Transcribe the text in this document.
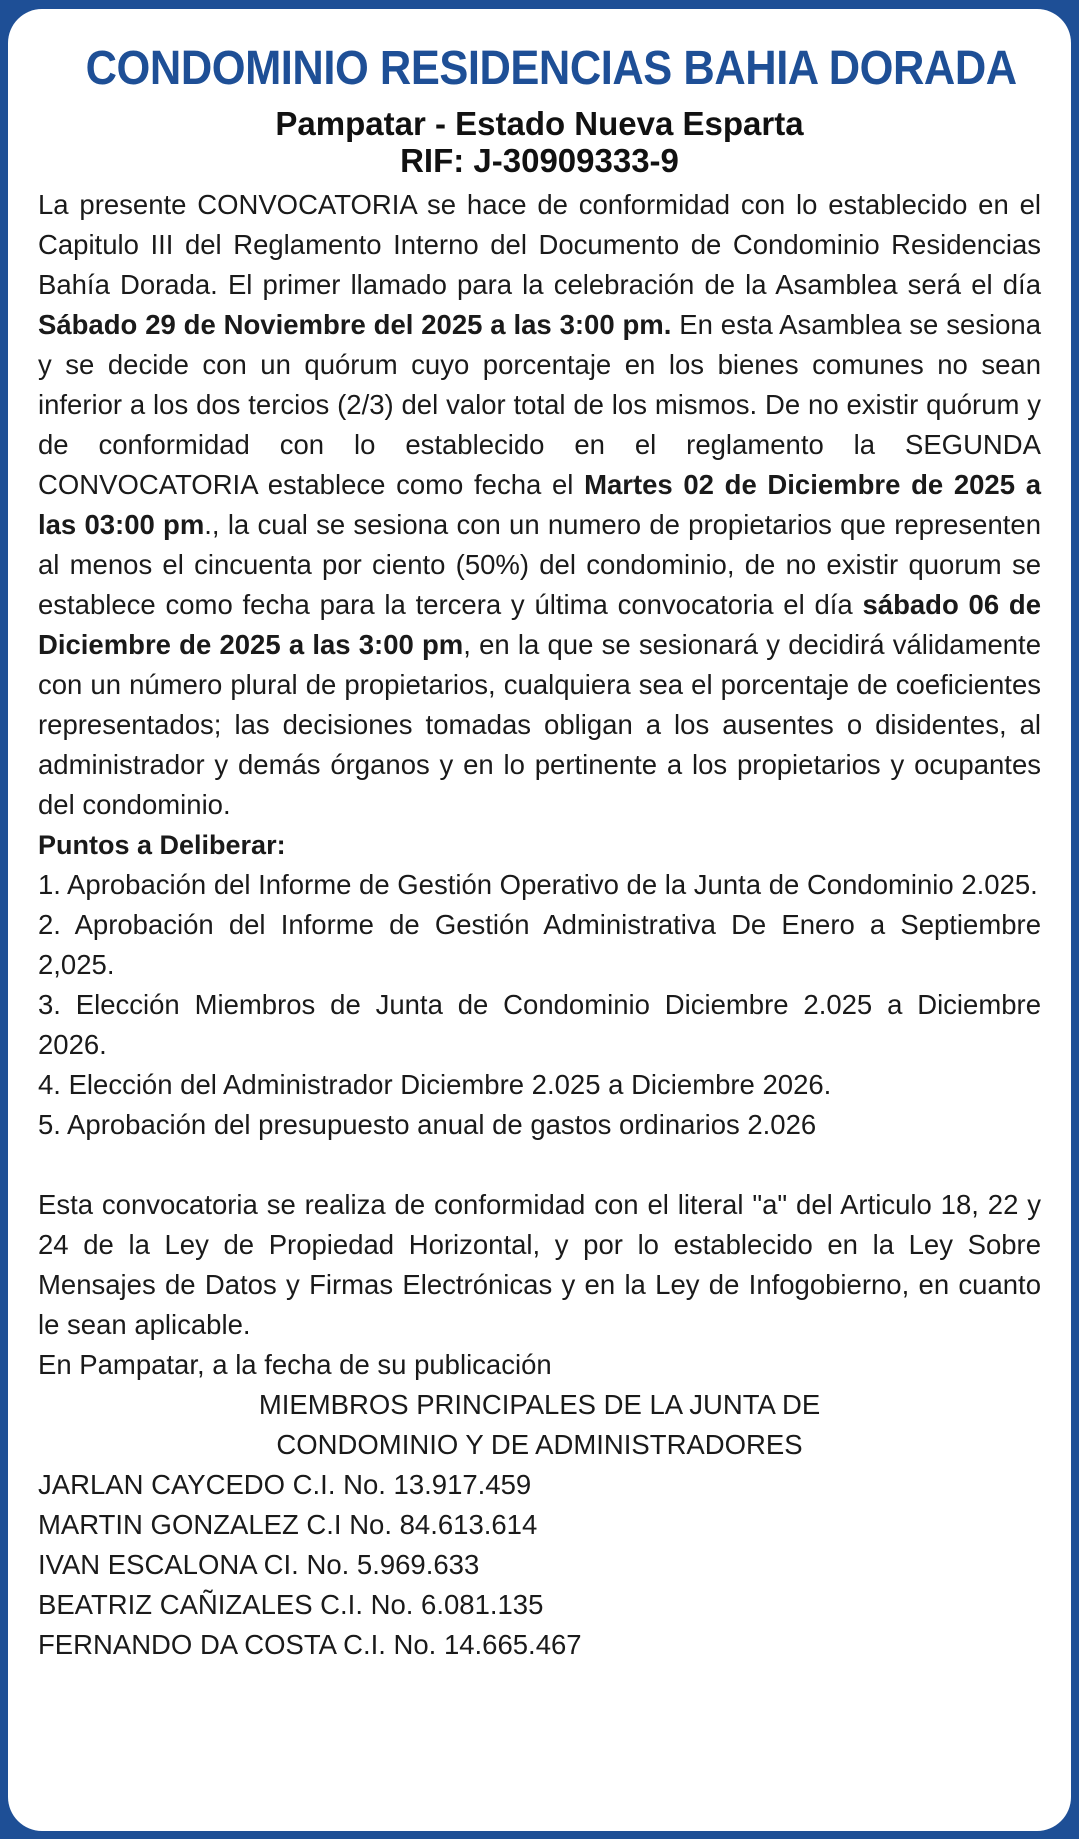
CONDOMINIO RESIDENCIAS BAHIA DORADA
Pampatar - Estado Nueva Esparta
RIF: J-30909333-9

La presente CONVOCATORIA se hace de conformidad con lo establecido en el Capitulo III del Reglamento Interno del Documento de Condominio Residencias Bahía Dorada. El primer llamado para la celebración de la Asamblea será el día Sábado 29 de Noviembre del 2025 a las 3:00 pm. En esta Asamblea se sesiona y se decide con un quórum cuyo porcentaje en los bienes comunes no sean inferior a los dos tercios (2/3) del valor total de los mismos. De no existir quórum y de conformidad con lo establecido en el reglamento la SEGUNDA CONVOCATORIA establece como fecha el Martes 02 de Diciembre de 2025 a las 03:00 pm., la cual se sesiona con un numero de propietarios que representen al menos el cincuenta por ciento (50%) del condominio, de no existir quorum se establece como fecha para la tercera y última convocatoria el día sábado 06 de Diciembre de 2025 a las 3:00 pm, en la que se sesionará y decidirá válidamente con un número plural de propietarios, cualquiera sea el porcentaje de coeficientes representados; las decisiones tomadas obligan a los ausentes o disidentes, al administrador y demás órganos y en lo pertinente a los propietarios y ocupantes del condominio.

Puntos a Deliberar:

1. Aprobación del Informe de Gestión Operativo de la Junta de Condominio 2.025.

2. Aprobación del Informe de Gestión Administrativa De Enero a Septiembre 2,025.

3. Elección Miembros de Junta de Condominio Diciembre 2.025 a Diciembre 2026.

4. Elección del Administrador Diciembre 2.025 a Diciembre 2026.

5. Aprobación del presupuesto anual de gastos ordinarios 2.026

Esta convocatoria se realiza de conformidad con el literal "a" del Articulo 18, 22 y 24 de la Ley de Propiedad Horizontal, y por lo establecido en la Ley Sobre Mensajes de Datos y Firmas Electrónicas y en la Ley de Infogobierno, en cuanto le sean aplicable.

En Pampatar, a la fecha de su publicación
MIEMBROS PRINCIPALES DE LA JUNTA DE
CONDOMINIO Y DE ADMINISTRADORES
JARLAN CAYCEDO C.I. No. 13.917.459
MARTIN GONZALEZ C.I No. 84.613.614
IVAN ESCALONA CI. No. 5.969.633
BEATRIZ CAÑIZALES C.I. No. 6.081.135
FERNANDO DA COSTA C.I. No. 14.665.467
